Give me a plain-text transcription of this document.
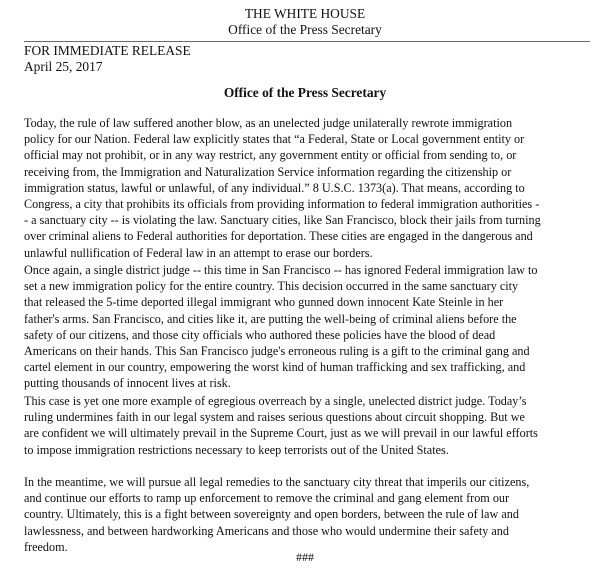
THE WHITE HOUSE
Office of the Press Secretary
FOR IMMEDIATE RELEASE
April 25, 2017
Office of the Press Secretary
Today, the rule of law suffered another blow, as an unelected judge unilaterally rewrote immigration
policy for our Nation. Federal law explicitly states that “a Federal, State or Local government entity or
official may not prohibit, or in any way restrict, any government entity or official from sending to, or
receiving from, the Immigration and Naturalization Service information regarding the citizenship or
immigration status, lawful or unlawful, of any individual.” 8 U.S.C. 1373(a). That means, according to
Congress, a city that prohibits its officials from providing information to federal immigration authorities -
- a sanctuary city -- is violating the law. Sanctuary cities, like San Francisco, block their jails from turning
over criminal aliens to Federal authorities for deportation. These cities are engaged in the dangerous and
unlawful nullification of Federal law in an attempt to erase our borders.
Once again, a single district judge -- this time in San Francisco -- has ignored Federal immigration law to
set a new immigration policy for the entire country. This decision occurred in the same sanctuary city
that released the 5-time deported illegal immigrant who gunned down innocent Kate Steinle in her
father's arms. San Francisco, and cities like it, are putting the well-being of criminal aliens before the
safety of our citizens, and those city officials who authored these policies have the blood of dead
Americans on their hands. This San Francisco judge's erroneous ruling is a gift to the criminal gang and
cartel element in our country, empowering the worst kind of human trafficking and sex trafficking, and
putting thousands of innocent lives at risk.
This case is yet one more example of egregious overreach by a single, unelected district judge. Today’s
ruling undermines faith in our legal system and raises serious questions about circuit shopping. But we
are confident we will ultimately prevail in the Supreme Court, just as we will prevail in our lawful efforts
to impose immigration restrictions necessary to keep terrorists out of the United States.
In the meantime, we will pursue all legal remedies to the sanctuary city threat that imperils our citizens,
and continue our efforts to ramp up enforcement to remove the criminal and gang element from our
country. Ultimately, this is a fight between sovereignty and open borders, between the rule of law and
lawlessness, and between hardworking Americans and those who would undermine their safety and
freedom.
###
